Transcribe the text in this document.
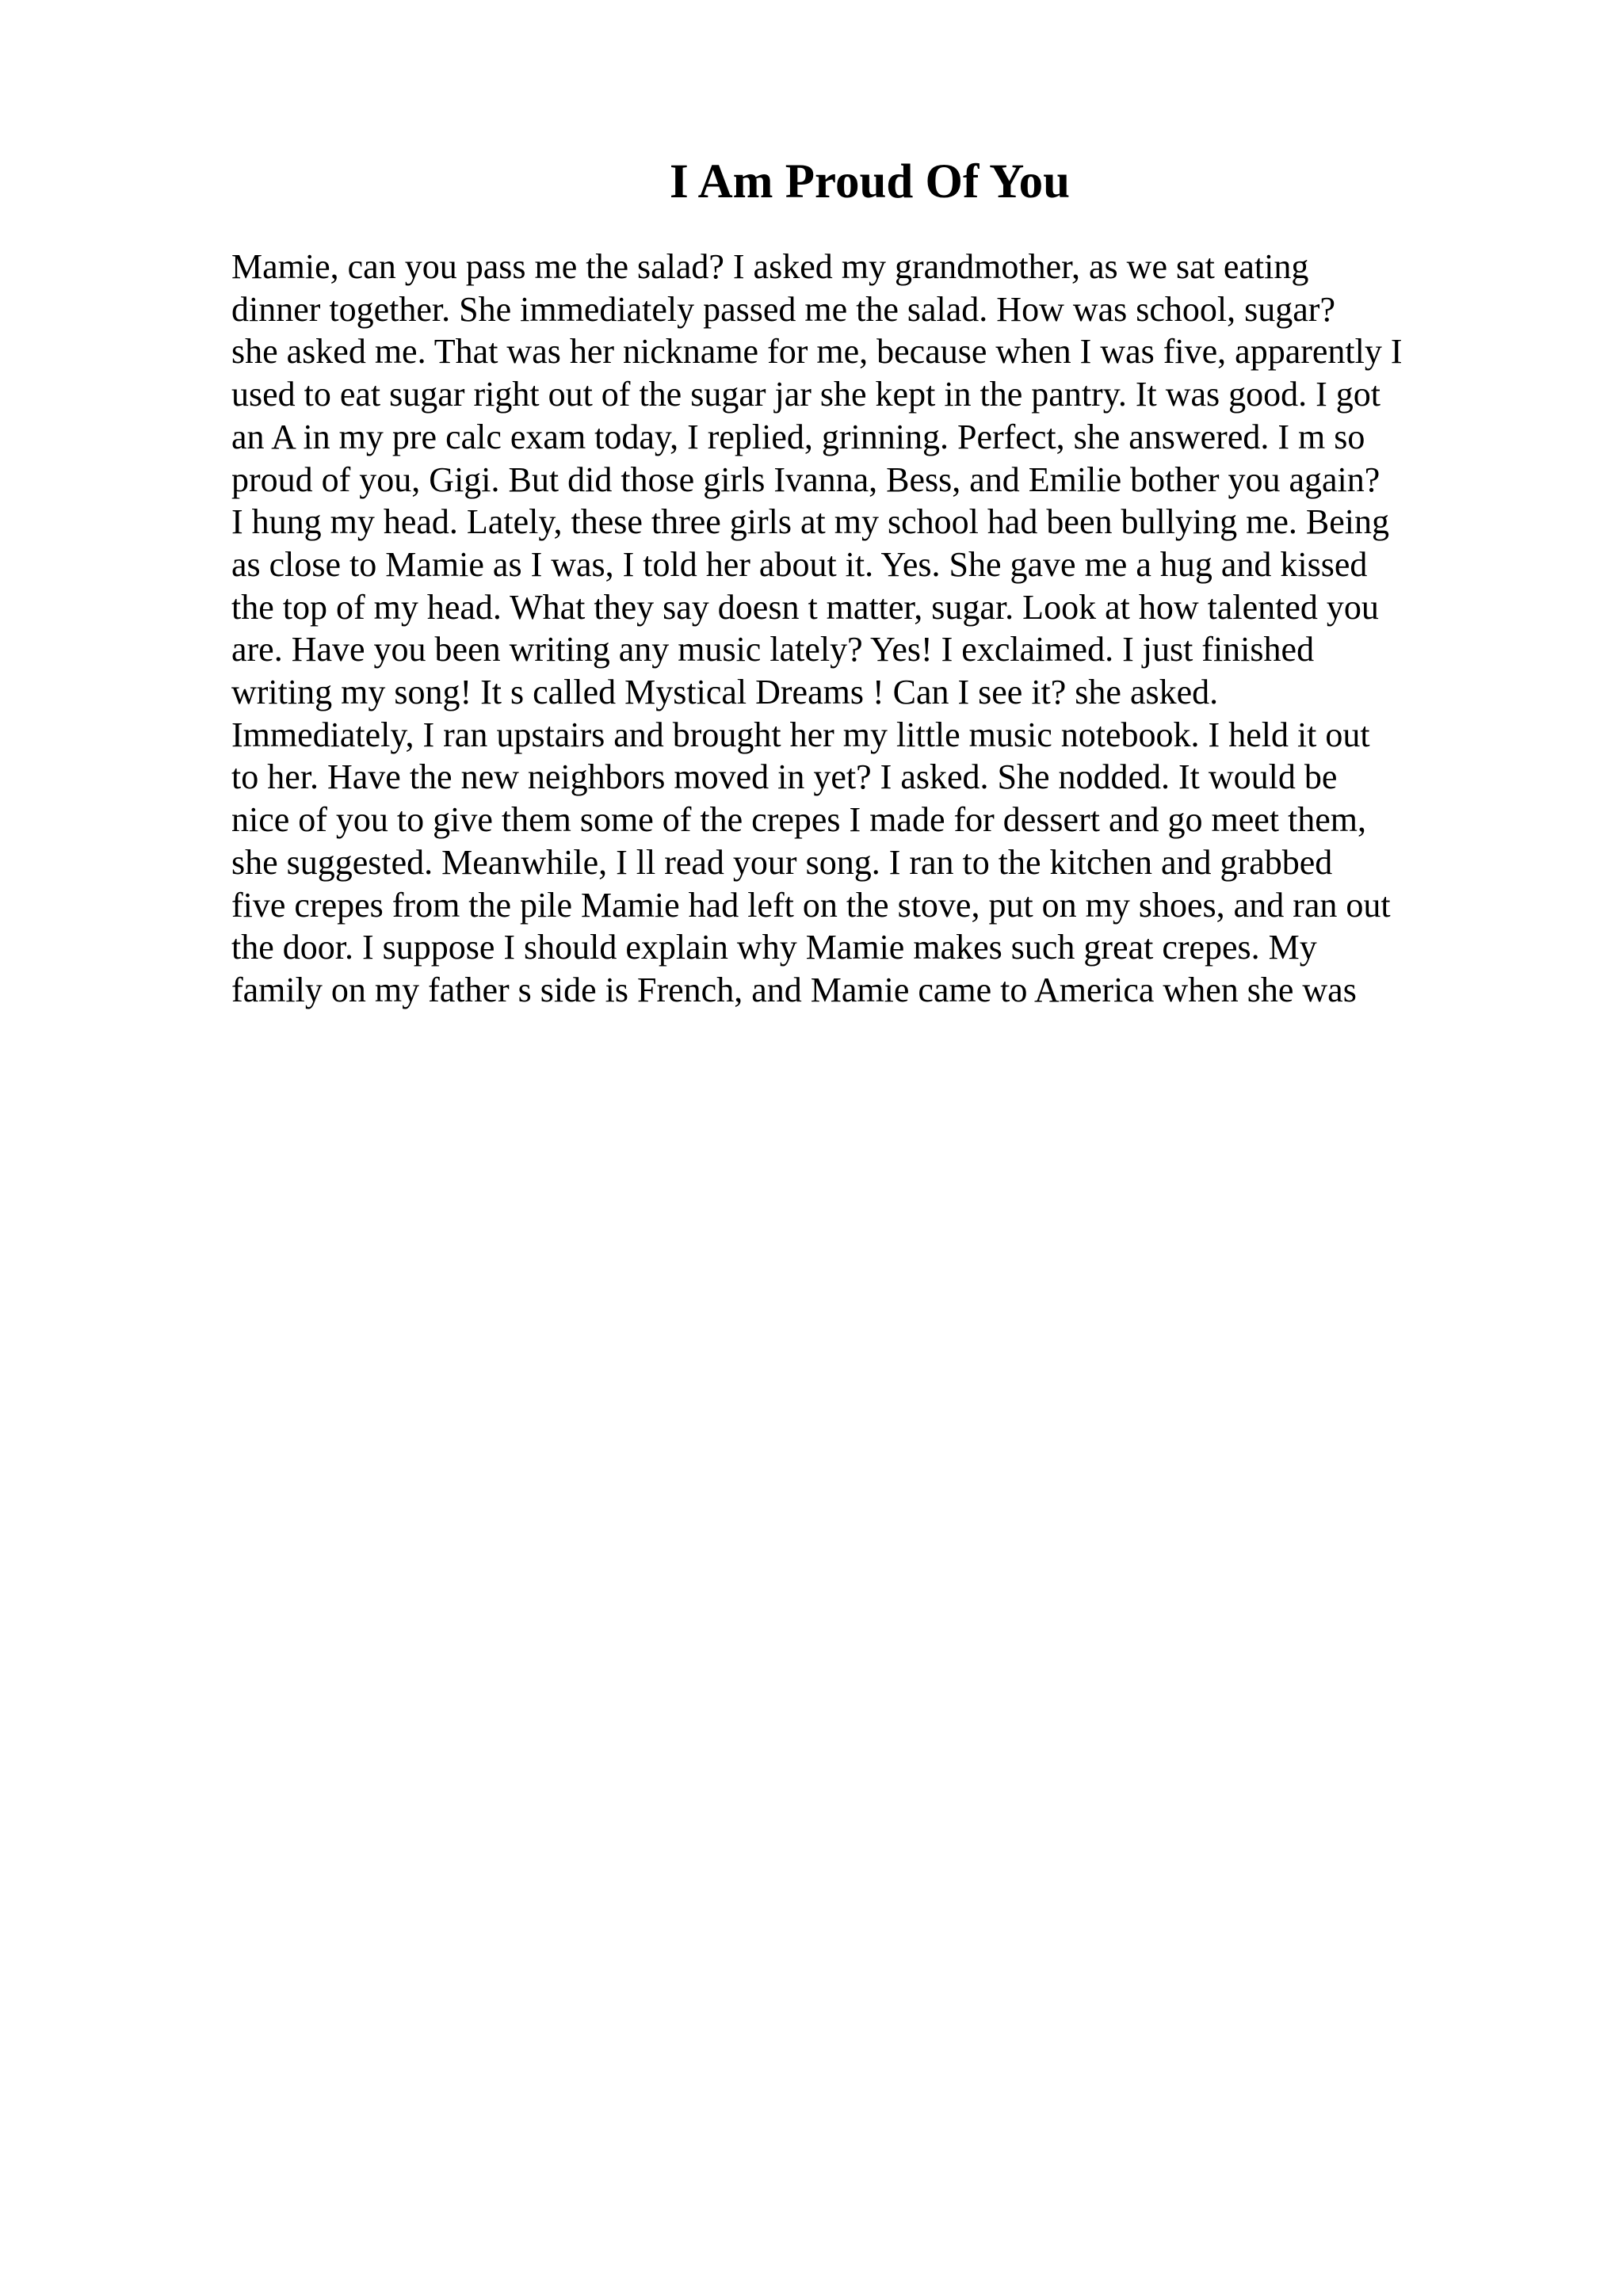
I Am Proud Of You
Mamie, can you pass me the salad? I asked my grandmother, as we sat eating
dinner together. She immediately passed me the salad. How was school, sugar?
she asked me. That was her nickname for me, because when I was five, apparently I
used to eat sugar right out of the sugar jar she kept in the pantry. It was good. I got
an A in my pre calc exam today, I replied, grinning. Perfect, she answered. I m so
proud of you, Gigi. But did those girls Ivanna, Bess, and Emilie bother you again?
I hung my head. Lately, these three girls at my school had been bullying me. Being
as close to Mamie as I was, I told her about it. Yes. She gave me a hug and kissed
the top of my head. What they say doesn t matter, sugar. Look at how talented you
are. Have you been writing any music lately? Yes! I exclaimed. I just finished
writing my song! It s called Mystical Dreams ! Can I see it? she asked.
Immediately, I ran upstairs and brought her my little music notebook. I held it out
to her. Have the new neighbors moved in yet? I asked. She nodded. It would be
nice of you to give them some of the crepes I made for dessert and go meet them,
she suggested. Meanwhile, I ll read your song. I ran to the kitchen and grabbed
five crepes from the pile Mamie had left on the stove, put on my shoes, and ran out
the door. I suppose I should explain why Mamie makes such great crepes. My
family on my father s side is French, and Mamie came to America when she was
